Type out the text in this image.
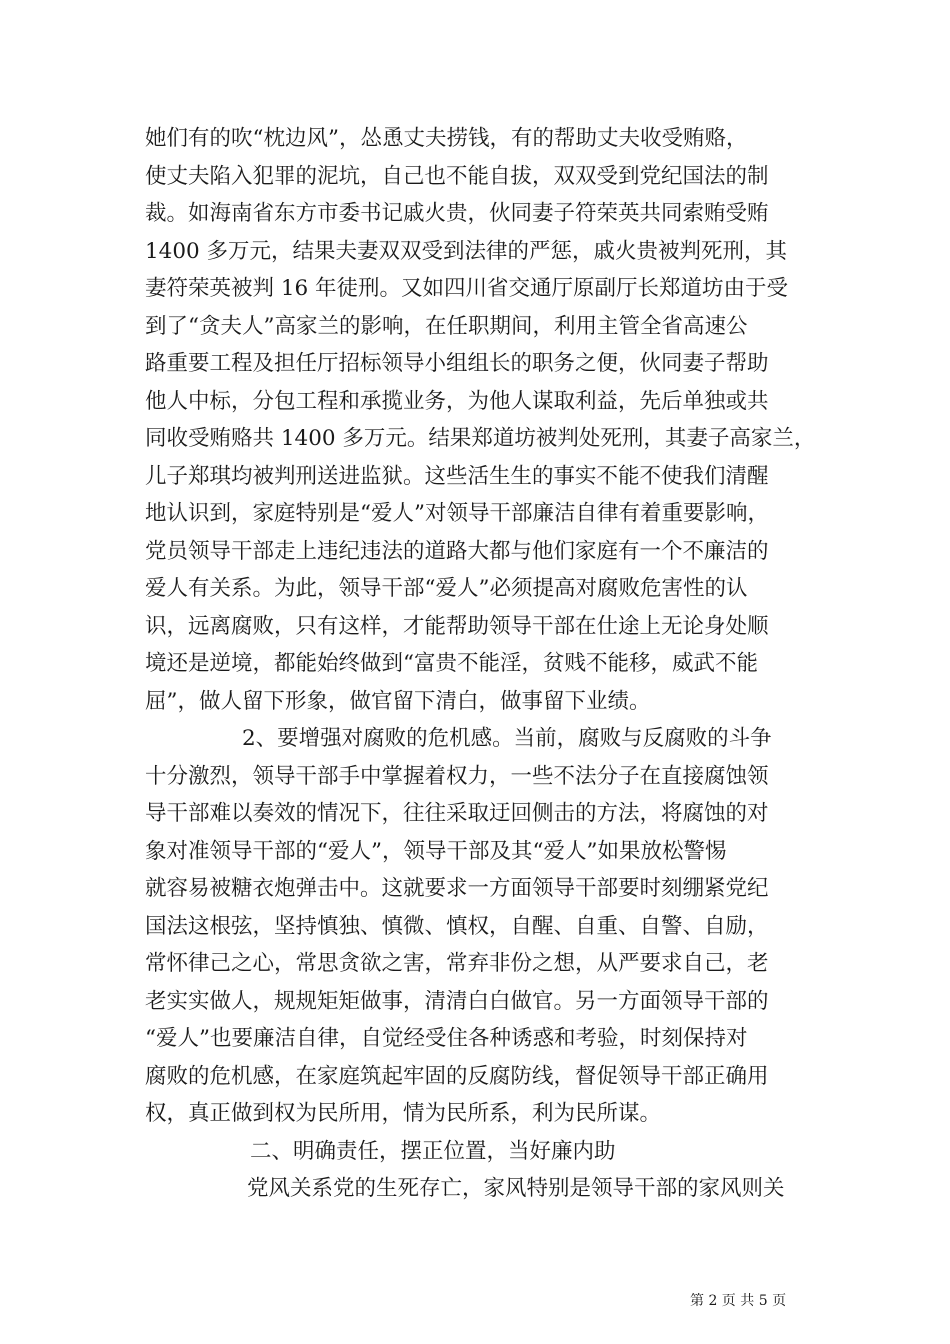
她们有的吹“枕边风”，怂恿丈夫捞钱，有的帮助丈夫收受贿赂，
使丈夫陷入犯罪的泥坑，自己也不能自拔，双双受到党纪国法的制
裁。如海南省东方市委书记戚火贵，伙同妻子符荣英共同索贿受贿
1400 多万元，结果夫妻双双受到法律的严惩，戚火贵被判死刑，其
妻符荣英被判 16 年徒刑。又如四川省交通厅原副厅长郑道坊由于受
到了“贪夫人”高家兰的影响，在任职期间，利用主管全省高速公
路重要工程及担任厅招标领导小组组长的职务之便，伙同妻子帮助
他人中标，分包工程和承揽业务，为他人谋取利益，先后单独或共
同收受贿赂共 1400 多万元。结果郑道坊被判处死刑，其妻子高家兰，
儿子郑琪均被判刑送进监狱。这些活生生的事实不能不使我们清醒
地认识到，家庭特别是“爱人”对领导干部廉洁自律有着重要影响，
党员领导干部走上违纪违法的道路大都与他们家庭有一个不廉洁的
爱人有关系。为此，领导干部“爱人”必须提高对腐败危害性的认
识，远离腐败，只有这样，才能帮助领导干部在仕途上无论身处顺
境还是逆境，都能始终做到“富贵不能淫，贫贱不能移，威武不能
屈”，做人留下形象，做官留下清白，做事留下业绩。
2、要增强对腐败的危机感。当前，腐败与反腐败的斗争
十分激烈，领导干部手中掌握着权力，一些不法分子在直接腐蚀领
导干部难以奏效的情况下，往往采取迂回侧击的方法，将腐蚀的对
象对准领导干部的“爱人”，领导干部及其“爱人”如果放松警惕
就容易被糖衣炮弹击中。这就要求一方面领导干部要时刻绷紧党纪
国法这根弦，坚持慎独、慎微、慎权，自醒、自重、自警、自励，
常怀律己之心，常思贪欲之害，常弃非份之想，从严要求自己，老
老实实做人，规规矩矩做事，清清白白做官。另一方面领导干部的
“爱人”也要廉洁自律，自觉经受住各种诱惑和考验，时刻保持对
腐败的危机感，在家庭筑起牢固的反腐防线，督促领导干部正确用
权，真正做到权为民所用，情为民所系，利为民所谋。
二、明确责任，摆正位置，当好廉内助
党风关系党的生死存亡，家风特别是领导干部的家风则关
第 2 页 共 5 页
